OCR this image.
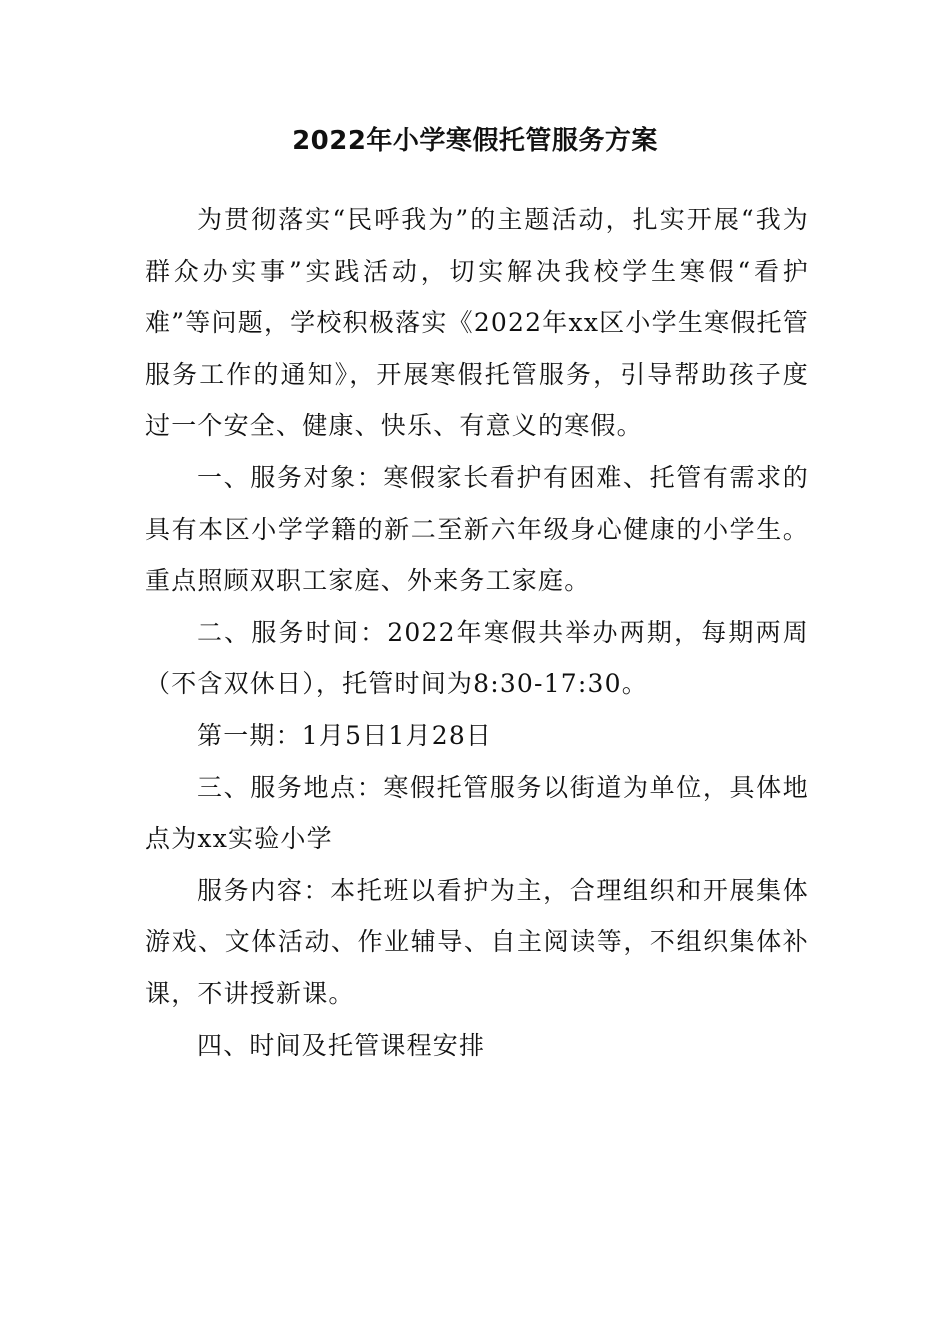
2022年小学寒假托管服务方案

为贯彻落实“民呼我为”的主题活动，扎实开展“我为群众办实事”实践活动，切实解决我校学生寒假“看护难”等问题，学校积极落实《2022年xx区小学生寒假托管服务工作的通知》，开展寒假托管服务，引导帮助孩子度过一个安全、健康、快乐、有意义的寒假。

一、服务对象：寒假家长看护有困难、托管有需求的具有本区小学学籍的新二至新六年级身心健康的小学生。重点照顾双职工家庭、外来务工家庭。

二、服务时间：2022年寒假共举办两期，每期两周（不含双休日），托管时间为8:30-17:30。

第一期：1月5日1月28日

三、服务地点：寒假托管服务以街道为单位，具体地点为xx实验小学

服务内容：本托班以看护为主，合理组织和开展集体游戏、文体活动、作业辅导、自主阅读等，不组织集体补课，不讲授新课。

四、时间及托管课程安排
